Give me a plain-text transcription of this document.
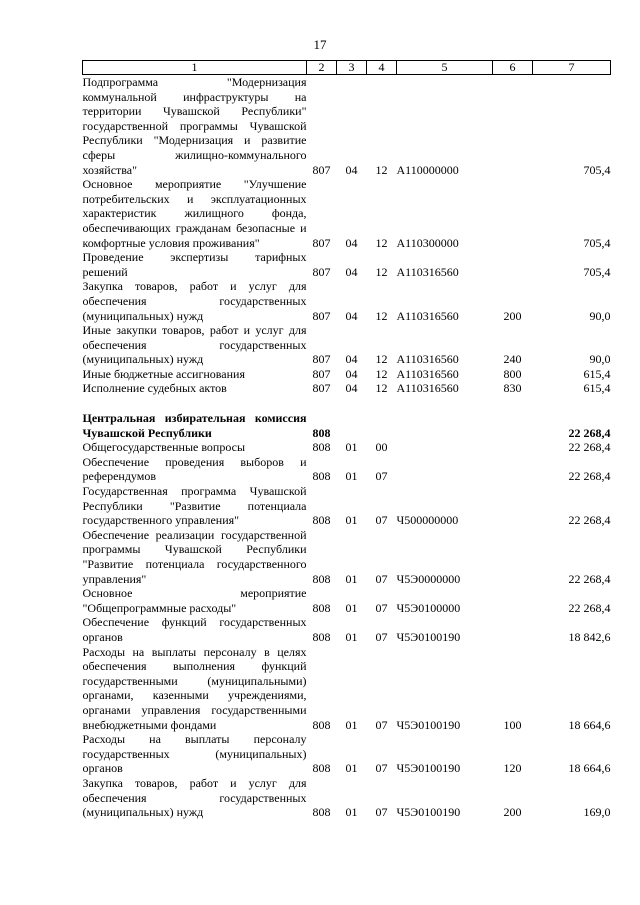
17
1	2	3	4	5	6	7
Подпрограмма "Модернизация коммунальной инфраструктуры на территории Чувашской Республики" государственной программы Чувашской Республики "Модернизация и развитие сферы жилищно-коммунального хозяйства"	807	04	12	А110000000		705,4
Основное мероприятие "Улучшение потребительских и эксплуатационных характеристик жилищного фонда, обеспечивающих гражданам безопасные и комфортные условия проживания"	807	04	12	А110300000		705,4
Проведение экспертизы тарифных решений	807	04	12	А110316560		705,4
Закупка товаров, работ и услуг для обеспечения государственных (муниципальных) нужд	807	04	12	А110316560	200	90,0
Иные закупки товаров, работ и услуг для обеспечения государственных (муниципальных) нужд	807	04	12	А110316560	240	90,0
Иные бюджетные ассигнования	807	04	12	А110316560	800	615,4
Исполнение судебных актов	807	04	12	А110316560	830	615,4

Центральная избирательная комиссия Чувашской Республики	808					22 268,4
Общегосударственные вопросы	808	01	00			22 268,4
Обеспечение проведения выборов и референдумов	808	01	07			22 268,4
Государственная программа Чувашской Республики "Развитие потенциала государственного управления"	808	01	07	Ч500000000		22 268,4
Обеспечение реализации государственной программы Чувашской Республики "Развитие потенциала государственного управления"	808	01	07	Ч5Э0000000		22 268,4
Основное мероприятие "Общепрограммные расходы"	808	01	07	Ч5Э0100000		22 268,4
Обеспечение функций государственных органов	808	01	07	Ч5Э0100190		18 842,6
Расходы на выплаты персоналу в целях обеспечения выполнения функций государственными (муниципальными) органами, казенными учреждениями, органами управления государственными внебюджетными фондами	808	01	07	Ч5Э0100190	100	18 664,6
Расходы на выплаты персоналу государственных (муниципальных) органов	808	01	07	Ч5Э0100190	120	18 664,6
Закупка товаров, работ и услуг для обеспечения государственных (муниципальных) нужд	808	01	07	Ч5Э0100190	200	169,0
